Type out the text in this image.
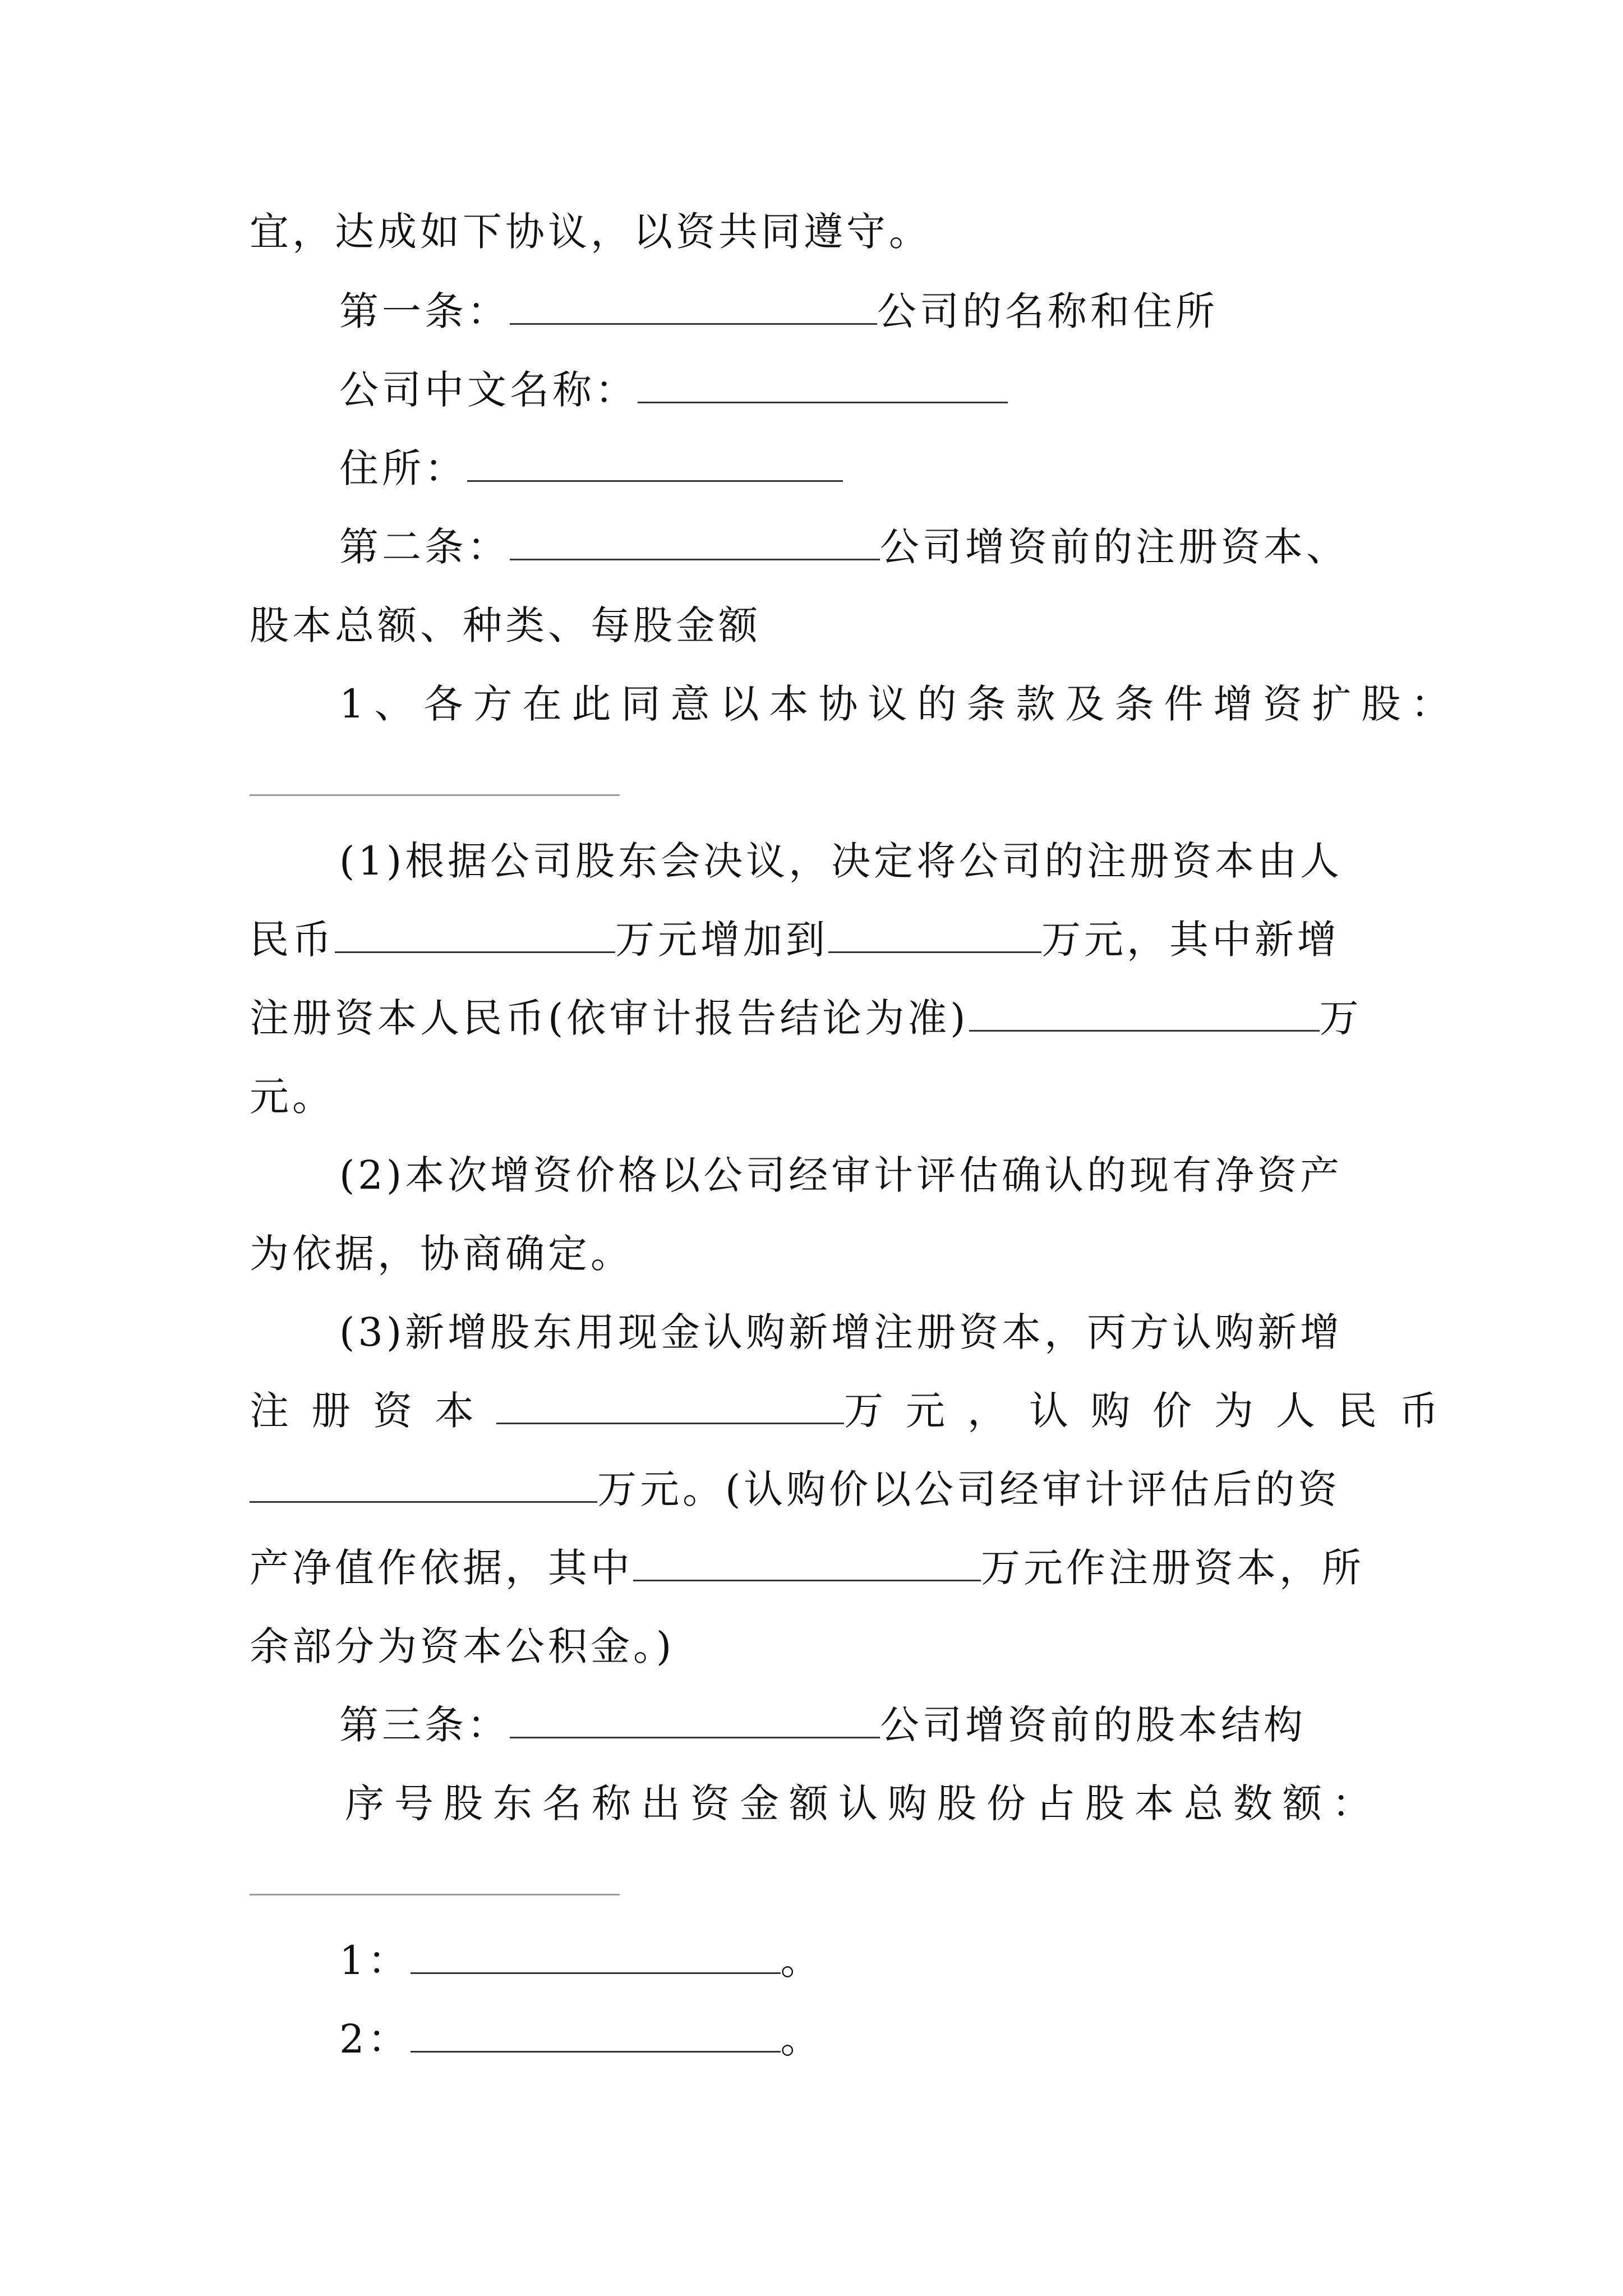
宜，达成如下协议，以资共同遵守。
第一条：	公司的名称和住所
公司中文名称：
住所：
第二条：	公司增资前的注册资本、
股本总额、种类、每股金额
1、各方在此同意以本协议的条款及条件增资扩股：
(1)根据公司股东会决议，决定将公司的注册资本由人
民币	万元增加到	万元，其中新增
注册资本人民币(依审计报告结论为准)	万
元。
(2)本次增资价格以公司经审计评估确认的现有净资产
为依据，协商确定。
(3)新增股东用现金认购新增注册资本，丙方认购新增
注册资本	万元，认购价为人民币
万元。(认购价以公司经审计评估后的资
产净值作依据，其中	万元作注册资本，所
余部分为资本公积金。)
第三条：	公司增资前的股本结构
序号股东名称出资金额认购股份占股本总数额：
1：	。
2：	。
